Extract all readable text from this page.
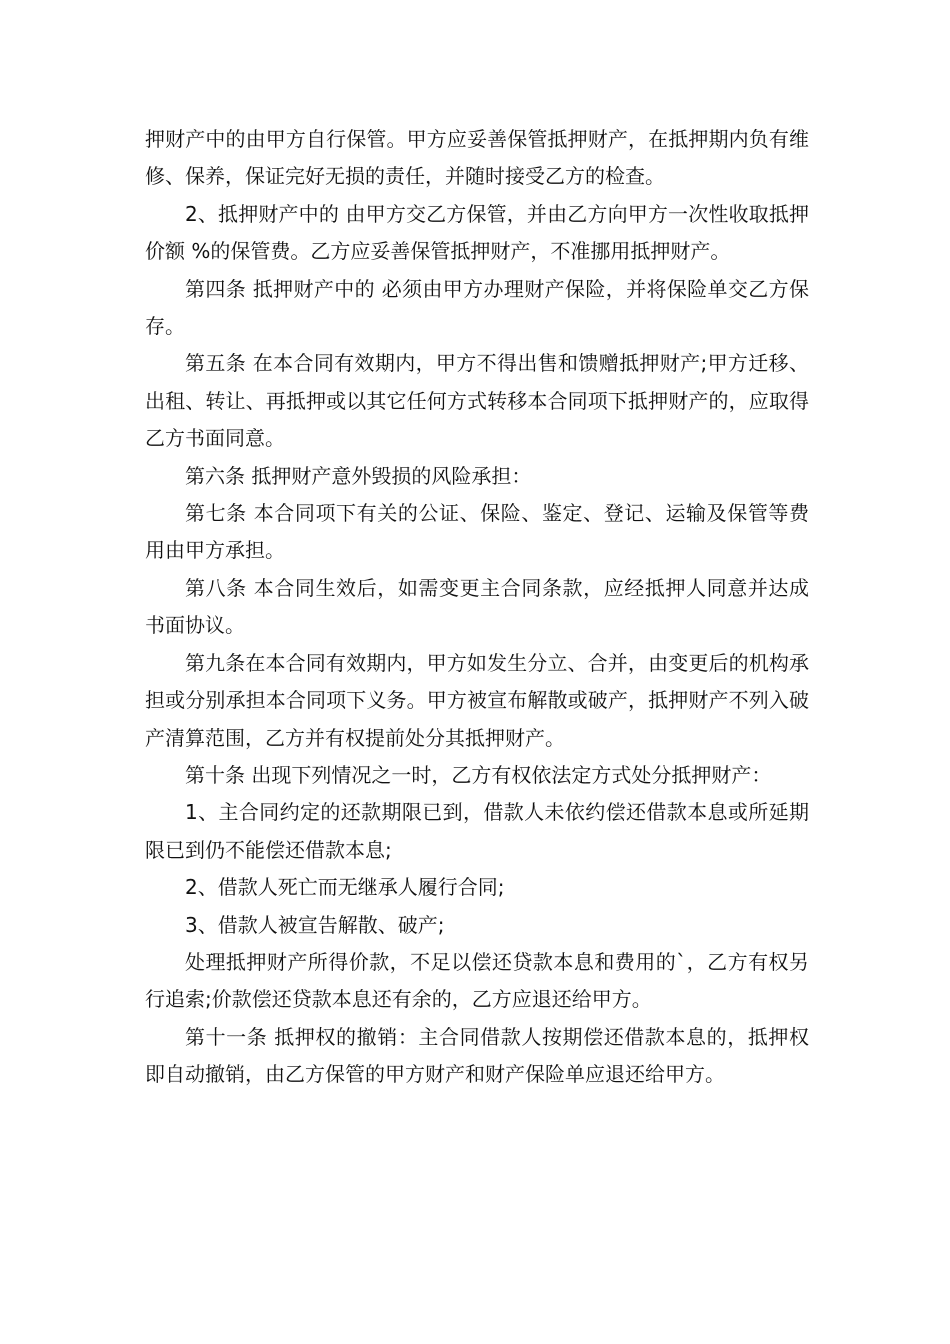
押财产中的由甲方自行保管。甲方应妥善保管抵押财产，在抵押期内负有维修、保养，保证完好无损的责任，并随时接受乙方的检查。

2、抵押财产中的 由甲方交乙方保管，并由乙方向甲方一次性收取抵押价额 %的保管费。乙方应妥善保管抵押财产，不准挪用抵押财产。

第四条 抵押财产中的 必须由甲方办理财产保险，并将保险单交乙方保存。

第五条 在本合同有效期内，甲方不得出售和馈赠抵押财产;甲方迁移、出租、转让、再抵押或以其它任何方式转移本合同项下抵押财产的，应取得乙方书面同意。

第六条 抵押财产意外毁损的风险承担：

第七条 本合同项下有关的公证、保险、鉴定、登记、运输及保管等费用由甲方承担。

第八条 本合同生效后，如需变更主合同条款，应经抵押人同意并达成书面协议。

第九条在本合同有效期内，甲方如发生分立、合并，由变更后的机构承担或分别承担本合同项下义务。甲方被宣布解散或破产，抵押财产不列入破产清算范围，乙方并有权提前处分其抵押财产。

第十条 出现下列情况之一时，乙方有权依法定方式处分抵押财产：

1、主合同约定的还款期限已到，借款人未依约偿还借款本息或所延期限已到仍不能偿还借款本息;

2、借款人死亡而无继承人履行合同;

3、借款人被宣告解散、破产;

处理抵押财产所得价款，不足以偿还贷款本息和费用的`，乙方有权另行追索;价款偿还贷款本息还有余的，乙方应退还给甲方。

第十一条 抵押权的撤销：主合同借款人按期偿还借款本息的，抵押权即自动撤销，由乙方保管的甲方财产和财产保险单应退还给甲方。
